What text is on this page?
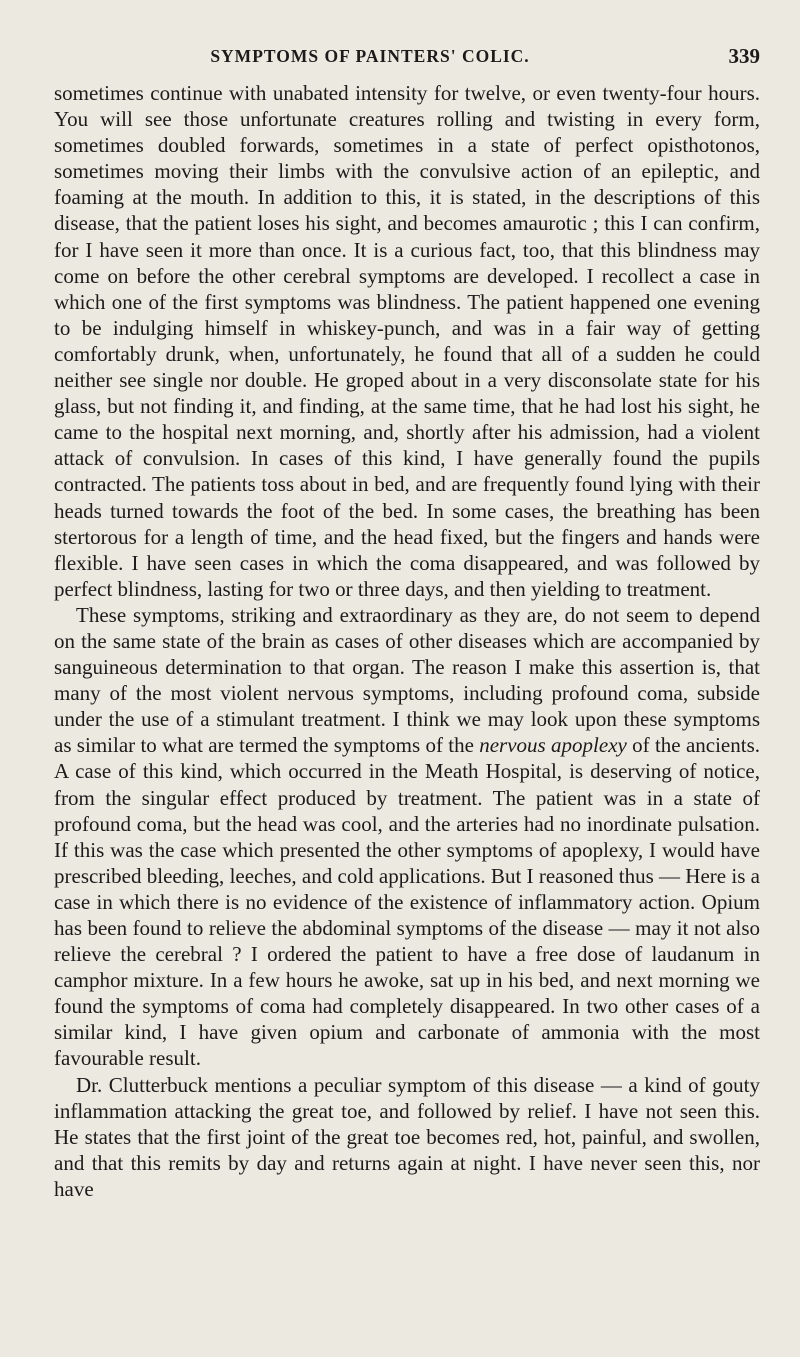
SYMPTOMS OF PAINTERS' COLIC.	339

sometimes continue with unabated intensity for twelve, or even twenty-four hours. You will see those unfortunate creatures rolling and twisting in every form, sometimes doubled forwards, sometimes in a state of perfect opisthotonos, sometimes moving their limbs with the convulsive action of an epileptic, and foaming at the mouth. In addition to this, it is stated, in the descriptions of this disease, that the patient loses his sight, and becomes amaurotic ; this I can confirm, for I have seen it more than once. It is a curious fact, too, that this blindness may come on before the other cerebral symptoms are developed. I recollect a case in which one of the first symptoms was blindness. The patient happened one evening to be indulging himself in whiskey-punch, and was in a fair way of getting comfortably drunk, when, unfortunately, he found that all of a sudden he could neither see single nor double. He groped about in a very disconsolate state for his glass, but not finding it, and finding, at the same time, that he had lost his sight, he came to the hospital next morning, and, shortly after his admission, had a violent attack of convulsion. In cases of this kind, I have generally found the pupils contracted. The patients toss about in bed, and are frequently found lying with their heads turned towards the foot of the bed. In some cases, the breathing has been stertorous for a length of time, and the head fixed, but the fingers and hands were flexible. I have seen cases in which the coma disappeared, and was followed by perfect blindness, lasting for two or three days, and then yielding to treatment.

These symptoms, striking and extraordinary as they are, do not seem to depend on the same state of the brain as cases of other diseases which are accompanied by sanguineous determination to that organ. The reason I make this assertion is, that many of the most violent nervous symptoms, including profound coma, subside under the use of a stimulant treatment. I think we may look upon these symptoms as similar to what are termed the symptoms of the nervous apoplexy of the ancients. A case of this kind, which occurred in the Meath Hospital, is deserving of notice, from the singular effect produced by treatment. The patient was in a state of profound coma, but the head was cool, and the arteries had no inordinate pulsation. If this was the case which presented the other symptoms of apoplexy, I would have prescribed bleeding, leeches, and cold applications. But I reasoned thus — Here is a case in which there is no evidence of the existence of inflammatory action. Opium has been found to relieve the abdominal symptoms of the disease — may it not also relieve the cerebral ? I ordered the patient to have a free dose of laudanum in camphor mixture. In a few hours he awoke, sat up in his bed, and next morning we found the symptoms of coma had completely disappeared. In two other cases of a similar kind, I have given opium and carbonate of ammonia with the most favourable result.

Dr. Clutterbuck mentions a peculiar symptom of this disease — a kind of gouty inflammation attacking the great toe, and followed by relief. I have not seen this. He states that the first joint of the great toe becomes red, hot, painful, and swollen, and that this remits by day and returns again at night. I have never seen this, nor have
